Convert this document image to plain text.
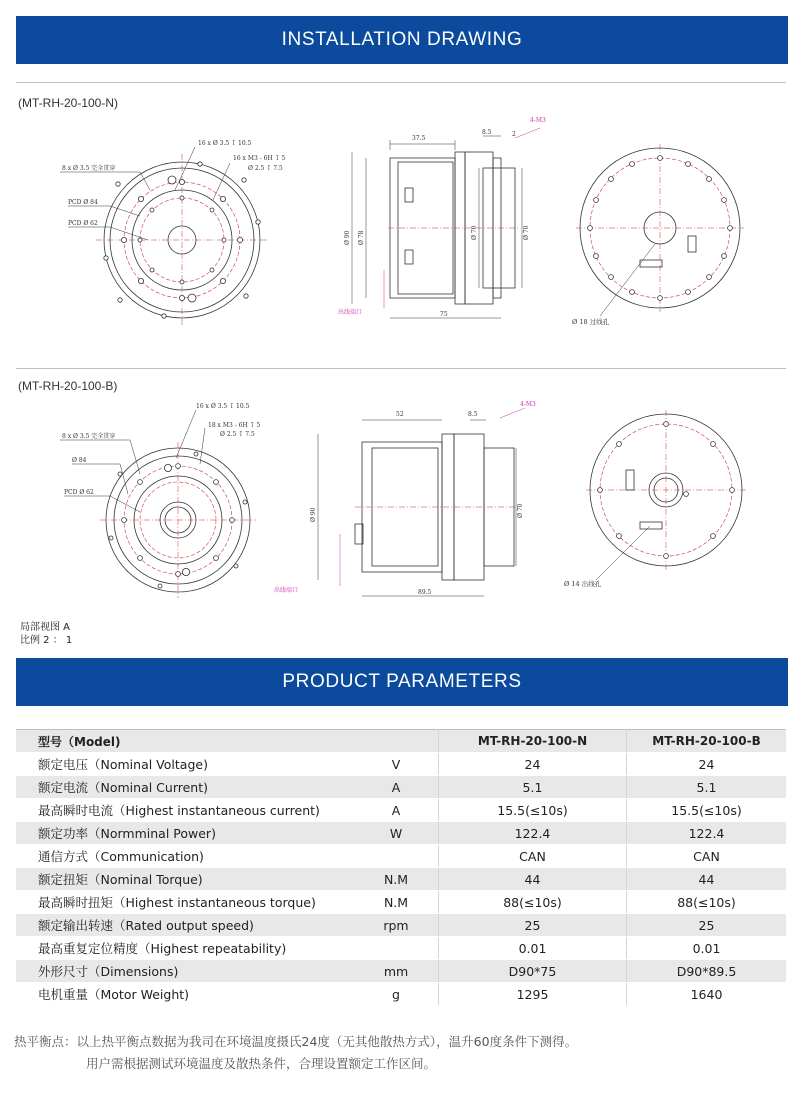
INSTALLATION DRAWING
(MT-RH-20-100-N)
16 x Ø 3.5 ↧ 10.5
16 x M3 - 6H ↧ 5
Ø 2.5 ↧ 7.5
8 x Ø 3.5 完全贯穿
PCD Ø 84
PCD Ø 62
37.5
8.5
4-M3
2
Ø 90 Ø 78	Ø 70	Ø 70
75
出线端口
Ø 18 过线孔
(MT-RH-20-100-B)
16 x Ø 3.5 ↧ 10.5
18 x M3 - 6H ↧ 5
Ø 2.5 ↧ 7.5
8 x Ø 3.5 完全贯穿
Ø 84
PCD Ø 62
52	8.5
4-M3
Ø 90	Ø 70
89.5
出线端口
Ø 14 出线孔
局部视图 A
比例 2 ： 1
PRODUCT PARAMETERS
型号（Model)		MT-RH-20-100-N	MT-RH-20-100-B
额定电压（Nominal Voltage)	V	24	24
额定电流（Nominal Current)	A	5.1	5.1
最高瞬时电流（Highest instantaneous current)	A	15.5(≤10s)	15.5(≤10s)
额定功率（Normminal Power)	W	122.4	122.4
通信方式（Communication)		CAN	CAN
额定扭矩（Nominal Torque)	N.M	44	44
最高瞬时扭矩（Highest instantaneous torque)	N.M	88(≤10s)	88(≤10s)
额定输出转速（Rated output speed)	rpm	25	25
最高重复定位精度（Highest repeatability)		0.01	0.01
外形尺寸（Dimensions)	mm	D90*75	D90*89.5
电机重量（Motor Weight)	g	1295	1640
热平衡点：以上热平衡点数据为我司在环境温度摄氏24度（无其他散热方式），温升60度条件下测得。
用户需根据测试环境温度及散热条件，合理设置额定工作区间。
